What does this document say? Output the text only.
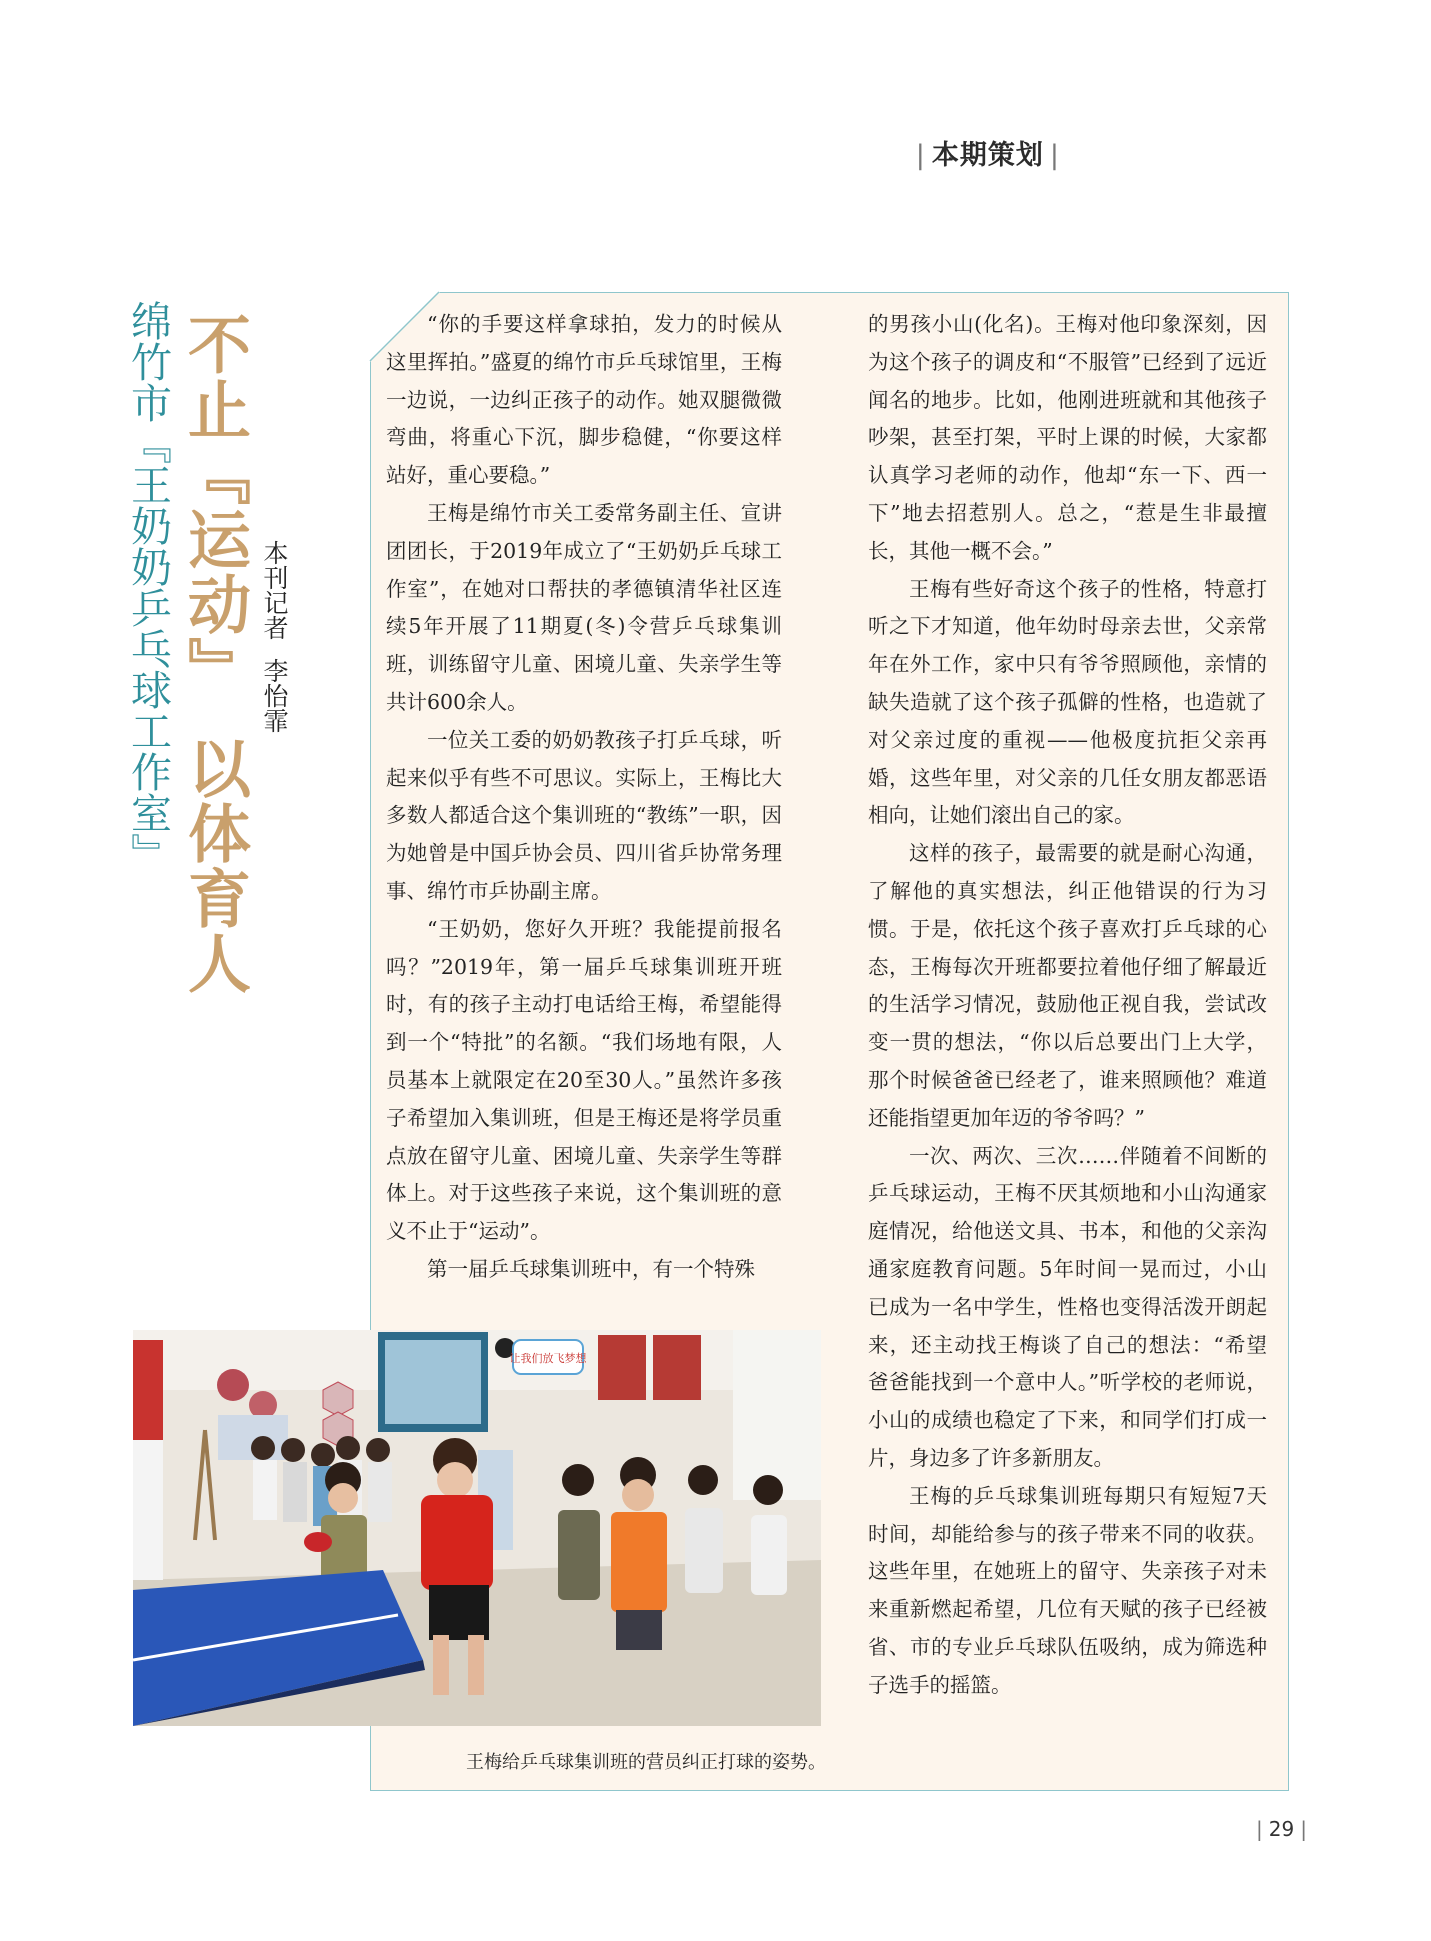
| 本期策划 |
绵竹市『王奶奶乒乓球工作室』 不止『运动』以体育人
本刊记者李怡霏

“你的手要这样拿球拍，发力的时候从这里挥拍。”盛夏的绵竹市乒乓球馆里，王梅一边说，一边纠正孩子的动作。她双腿微微弯曲，将重心下沉，脚步稳健，“你要这样站好，重心要稳。”

王梅是绵竹市关工委常务副主任、宣讲团团长，于2019年成立了“王奶奶乒乓球工作室”，在她对口帮扶的孝德镇清华社区连续5年开展了11期夏(冬)令营乒乓球集训班，训练留守儿童、困境儿童、失亲学生等共计600余人。

一位关工委的奶奶教孩子打乒乓球，听起来似乎有些不可思议。实际上，王梅比大多数人都适合这个集训班的“教练”一职，因为她曾是中国乒协会员、四川省乒协常务理事、绵竹市乒协副主席。

“王奶奶，您好久开班？我能提前报名吗？”2019年，第一届乒乓球集训班开班时，有的孩子主动打电话给王梅，希望能得到一个“特批”的名额。“我们场地有限，人员基本上就限定在20至30人。”虽然许多孩子希望加入集训班，但是王梅还是将学员重点放在留守儿童、困境儿童、失亲学生等群体上。对于这些孩子来说，这个集训班的意义不止于“运动”。

第一届乒乓球集训班中，有一个特殊

的男孩小山(化名)。王梅对他印象深刻，因为这个孩子的调皮和“不服管”已经到了远近闻名的地步。比如，他刚进班就和其他孩子吵架，甚至打架，平时上课的时候，大家都认真学习老师的动作，他却“东一下、西一下”地去招惹别人。总之，“惹是生非最擅长，其他一概不会。”

王梅有些好奇这个孩子的性格，特意打听之下才知道，他年幼时母亲去世，父亲常年在外工作，家中只有爷爷照顾他，亲情的缺失造就了这个孩子孤僻的性格，也造就了对父亲过度的重视——他极度抗拒父亲再婚，这些年里，对父亲的几任女朋友都恶语相向，让她们滚出自己的家。

这样的孩子，最需要的就是耐心沟通，了解他的真实想法，纠正他错误的行为习惯。于是，依托这个孩子喜欢打乒乓球的心态，王梅每次开班都要拉着他仔细了解最近的生活学习情况，鼓励他正视自我，尝试改变一贯的想法，“你以后总要出门上大学，那个时候爸爸已经老了，谁来照顾他？难道还能指望更加年迈的爷爷吗？”

一次、两次、三次……伴随着不间断的乒乓球运动，王梅不厌其烦地和小山沟通家庭情况，给他送文具、书本，和他的父亲沟通家庭教育问题。5年时间一晃而过，小山已成为一名中学生，性格也变得活泼开朗起来，还主动找王梅谈了自己的想法：“希望爸爸能找到一个意中人。”听学校的老师说，小山的成绩也稳定了下来，和同学们打成一片，身边多了许多新朋友。

王梅的乒乓球集训班每期只有短短7天时间，却能给参与的孩子带来不同的收获。这些年里，在她班上的留守、失亲孩子对未来重新燃起希望，几位有天赋的孩子已经被省、市的专业乒乓球队伍吸纳，成为筛选种子选手的摇篮。

让我们放飞梦想
王梅给乒乓球集训班的营员纠正打球的姿势。
| 29 |
